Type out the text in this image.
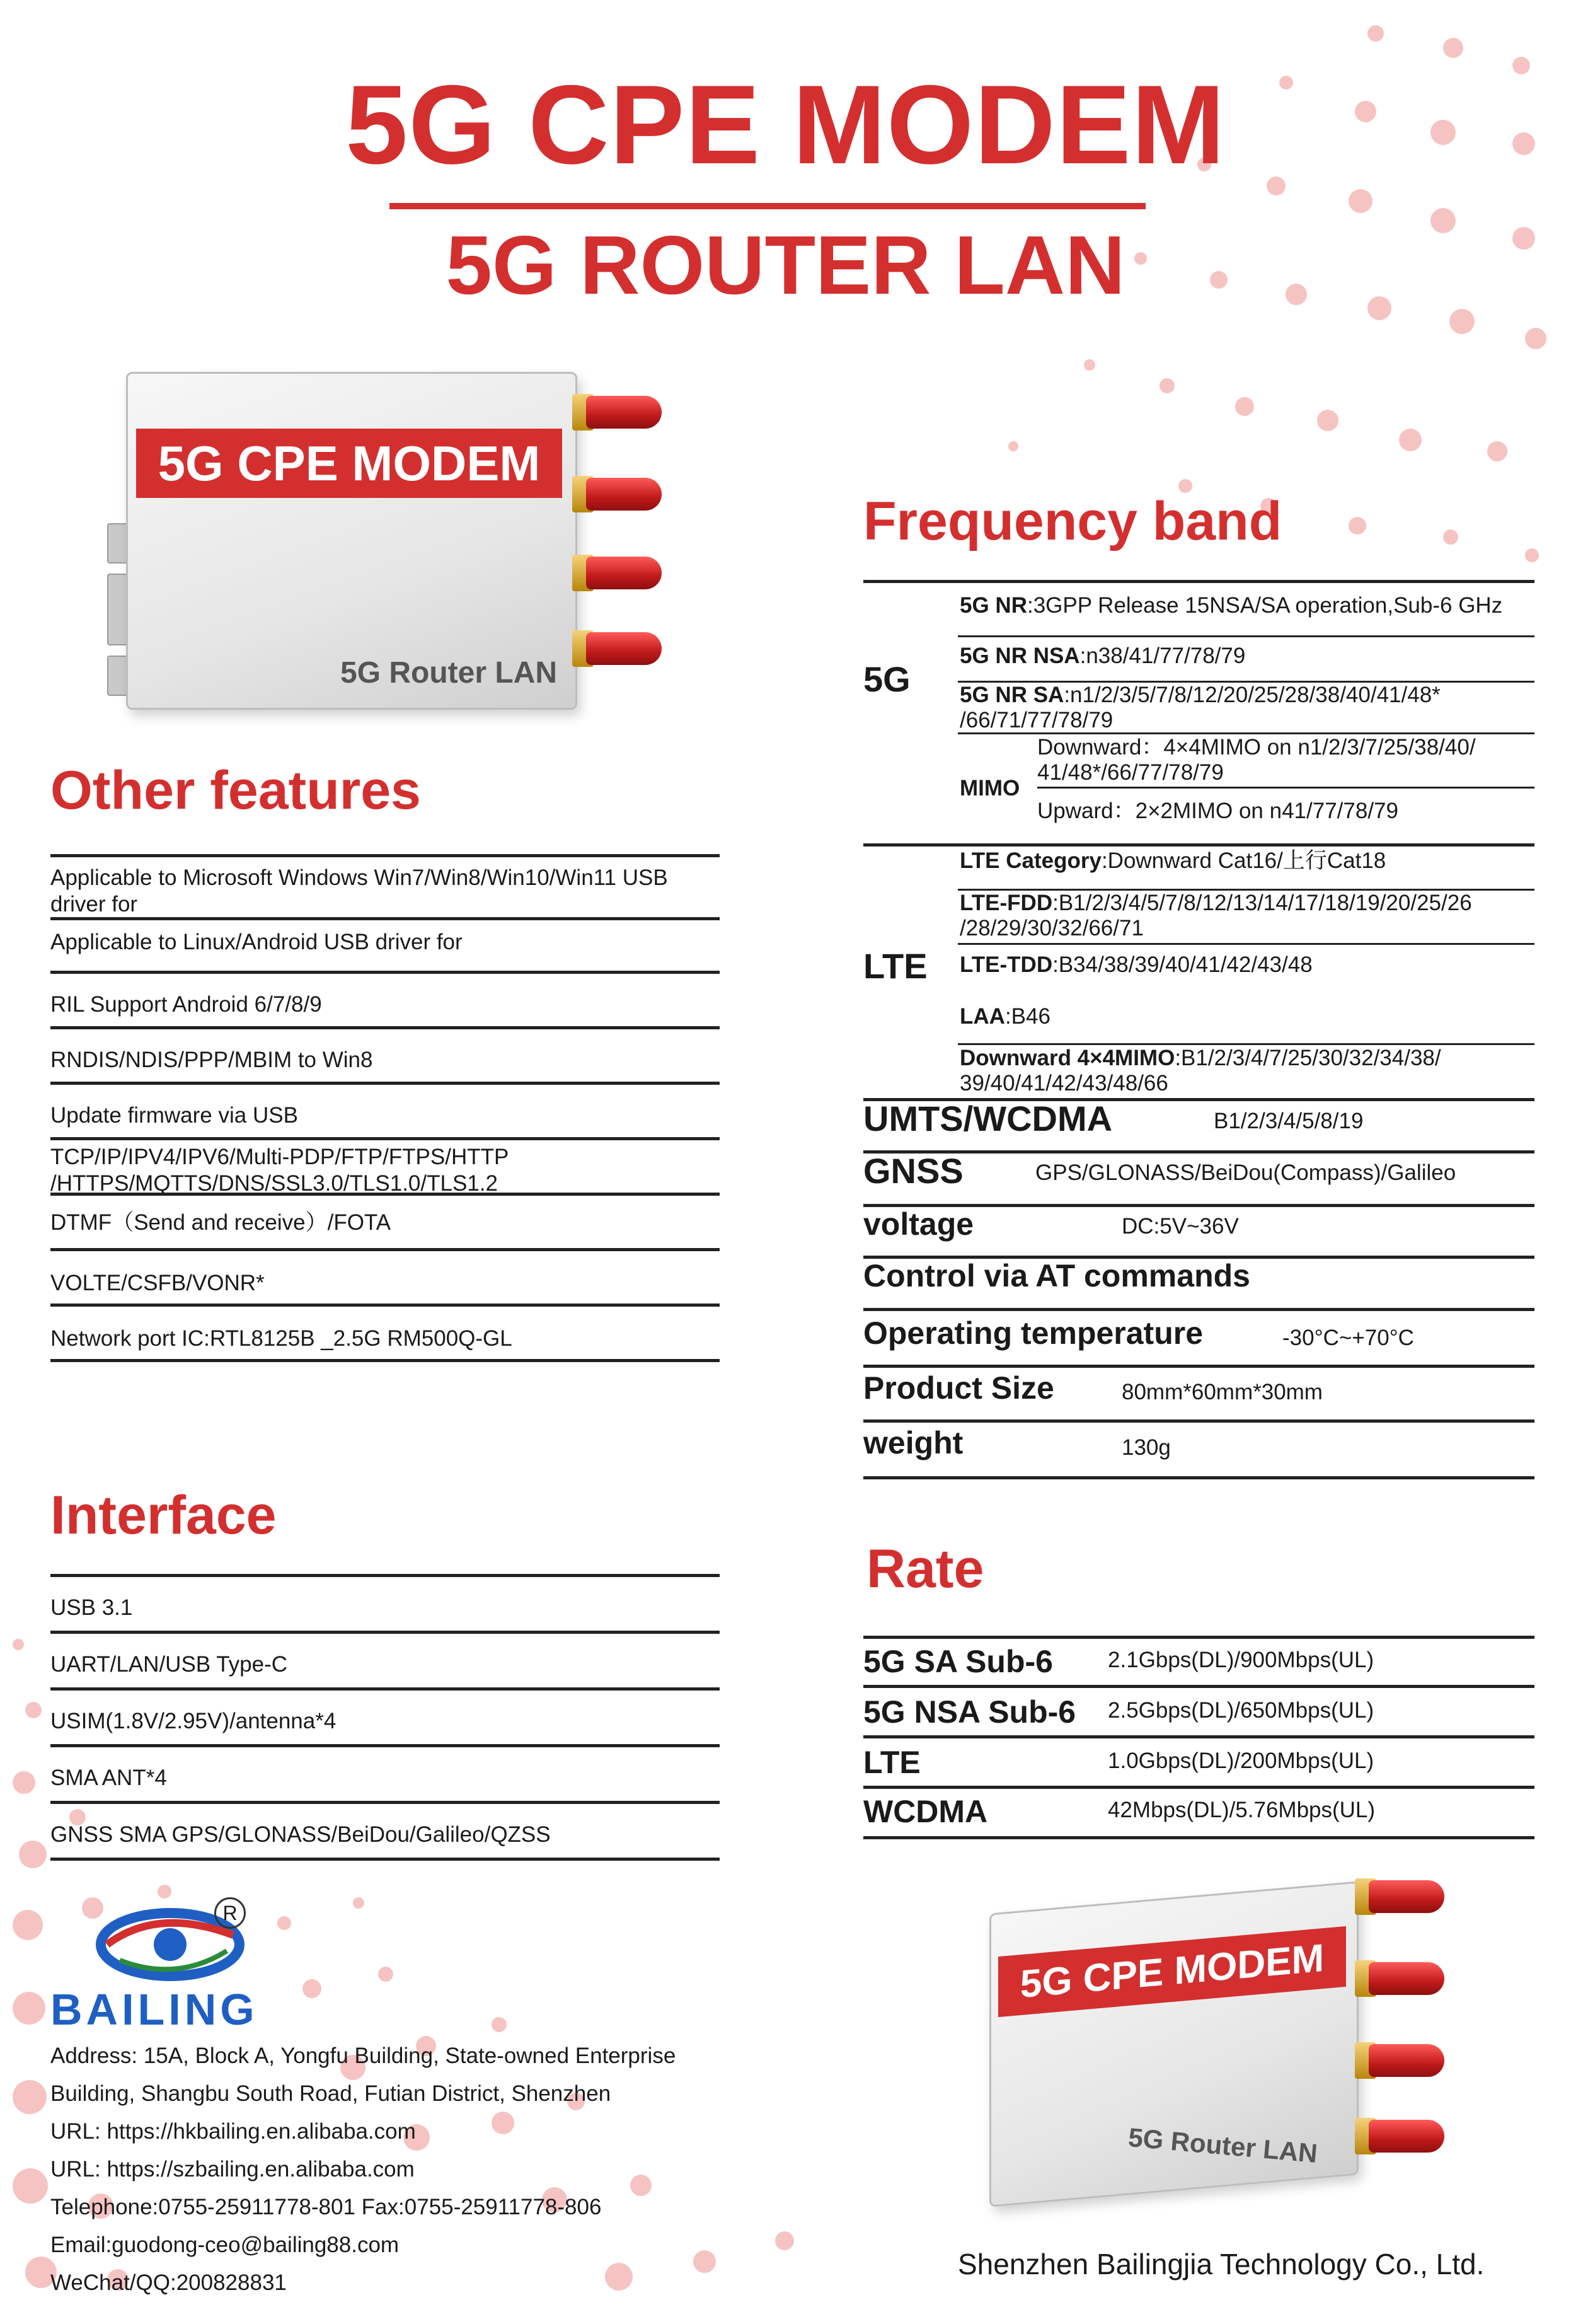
5G CPE MODEM
5G ROUTER LAN
5G CPE MODEM
5G Router LAN
Other features
Applicable to Microsoft Windows Win7/Win8/Win10/Win11 USB driver for
Applicable to Linux/Android USB driver for
RIL Support Android 6/7/8/9
RNDIS/NDIS/PPP/MBIM to Win8
Update firmware via USB
TCP/IP/IPV4/IPV6/Multi-PDP/FTP/FTPS/HTTP /HTTPS/MQTTS/DNS/SSL3.0/TLS1.0/TLS1.2
DTMF（Send and receive）/FOTA
VOLTE/CSFB/VONR*
Network port IC:RTL8125B _2.5G RM500Q-GL
Interface
USB 3.1
UART/LAN/USB Type-C
USIM(1.8V/2.95V)/antenna*4
SMA ANT*4
GNSS SMA GPS/GLONASS/BeiDou/Galileo/QZSS
R
BAILING
Address: 15A, Block A, Yongfu Building, State-owned Enterprise
Building, Shangbu South Road, Futian District, Shenzhen
URL: https://hkbailing.en.alibaba.com
URL: https://szbailing.en.alibaba.com
Telephone:0755-25911778-801 Fax:0755-25911778-806
Email:guodong-ceo@bailing88.com
WeChat/QQ:200828831
Frequency band
5G
5G NR:3GPP Release 15NSA/SA operation,Sub-6 GHz
5G NR NSA:n38/41/77/78/79
5G NR SA:n1/2/3/5/7/8/12/20/25/28/38/40/41/48*
/66/71/77/78/79
MIMO
Downward：4×4MIMO on n1/2/3/7/25/38/40/
41/48*/66/77/78/79
Upward：2×2MIMO on n41/77/78/79
LTE
LTE Category:Downward Cat16/上行Cat18
LTE-FDD:B1/2/3/4/5/7/8/12/13/14/17/18/19/20/25/26
/28/29/30/32/66/71
LTE-TDD:B34/38/39/40/41/42/43/48
LAA:B46
Downward 4×4MIMO:B1/2/3/4/7/25/30/32/34/38/
39/40/41/42/43/48/66
UMTS/WCDMA	B1/2/3/4/5/8/19
GNSS	GPS/GLONASS/BeiDou(Compass)/Galileo
voltage	DC:5V~36V
Control via AT commands
Operating temperature	-30°C~+70°C
Product Size	80mm*60mm*30mm
weight	130g
Rate
5G SA Sub-6 2.1Gbps(DL)/900Mbps(UL)
5G NSA Sub-6 2.5Gbps(DL)/650Mbps(UL)
LTE	1.0Gbps(DL)/200Mbps(UL)
WCDMA	42Mbps(DL)/5.76Mbps(UL)
5G CPE MODEM
5G Router LAN
Shenzhen Bailingjia Technology Co., Ltd.
